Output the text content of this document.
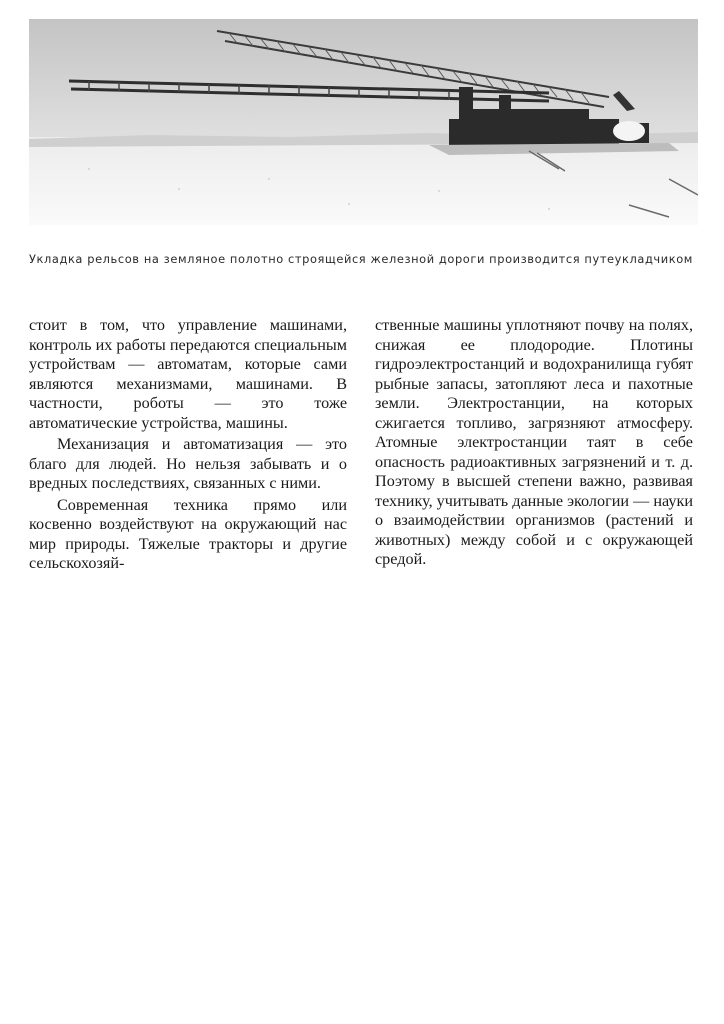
Укладка рельсов на земляное полотно строящейся железной дороги производится путеукладчиком

стоит в том, что управление машинами, контроль их работы передаются специальным устройствам — автоматам, которые сами являются механизмами, машинами. В частности, роботы — это тоже автоматические устройства, машины.

Механизация и автоматизация — это благо для людей. Но нельзя забывать и о вредных последствиях, связанных с ними.

Современная техника прямо или косвенно воздействуют на окружающий нас мир природы. Тяжелые тракторы и другие сельскохозяй-

ственные машины уплотняют почву на полях, снижая ее плодородие. Плотины гидроэлектростанций и водохранилища губят рыбные запасы, затопляют леса и пахотные земли. Электростанции, на которых сжигается топливо, загрязняют атмосферу. Атомные электростанции таят в себе опасность радиоактивных загрязнений и т. д. Поэтому в высшей степени важно, развивая технику, учитывать данные экологии — науки о взаимодействии организмов (растений и животных) между собой и с окружающей средой.
